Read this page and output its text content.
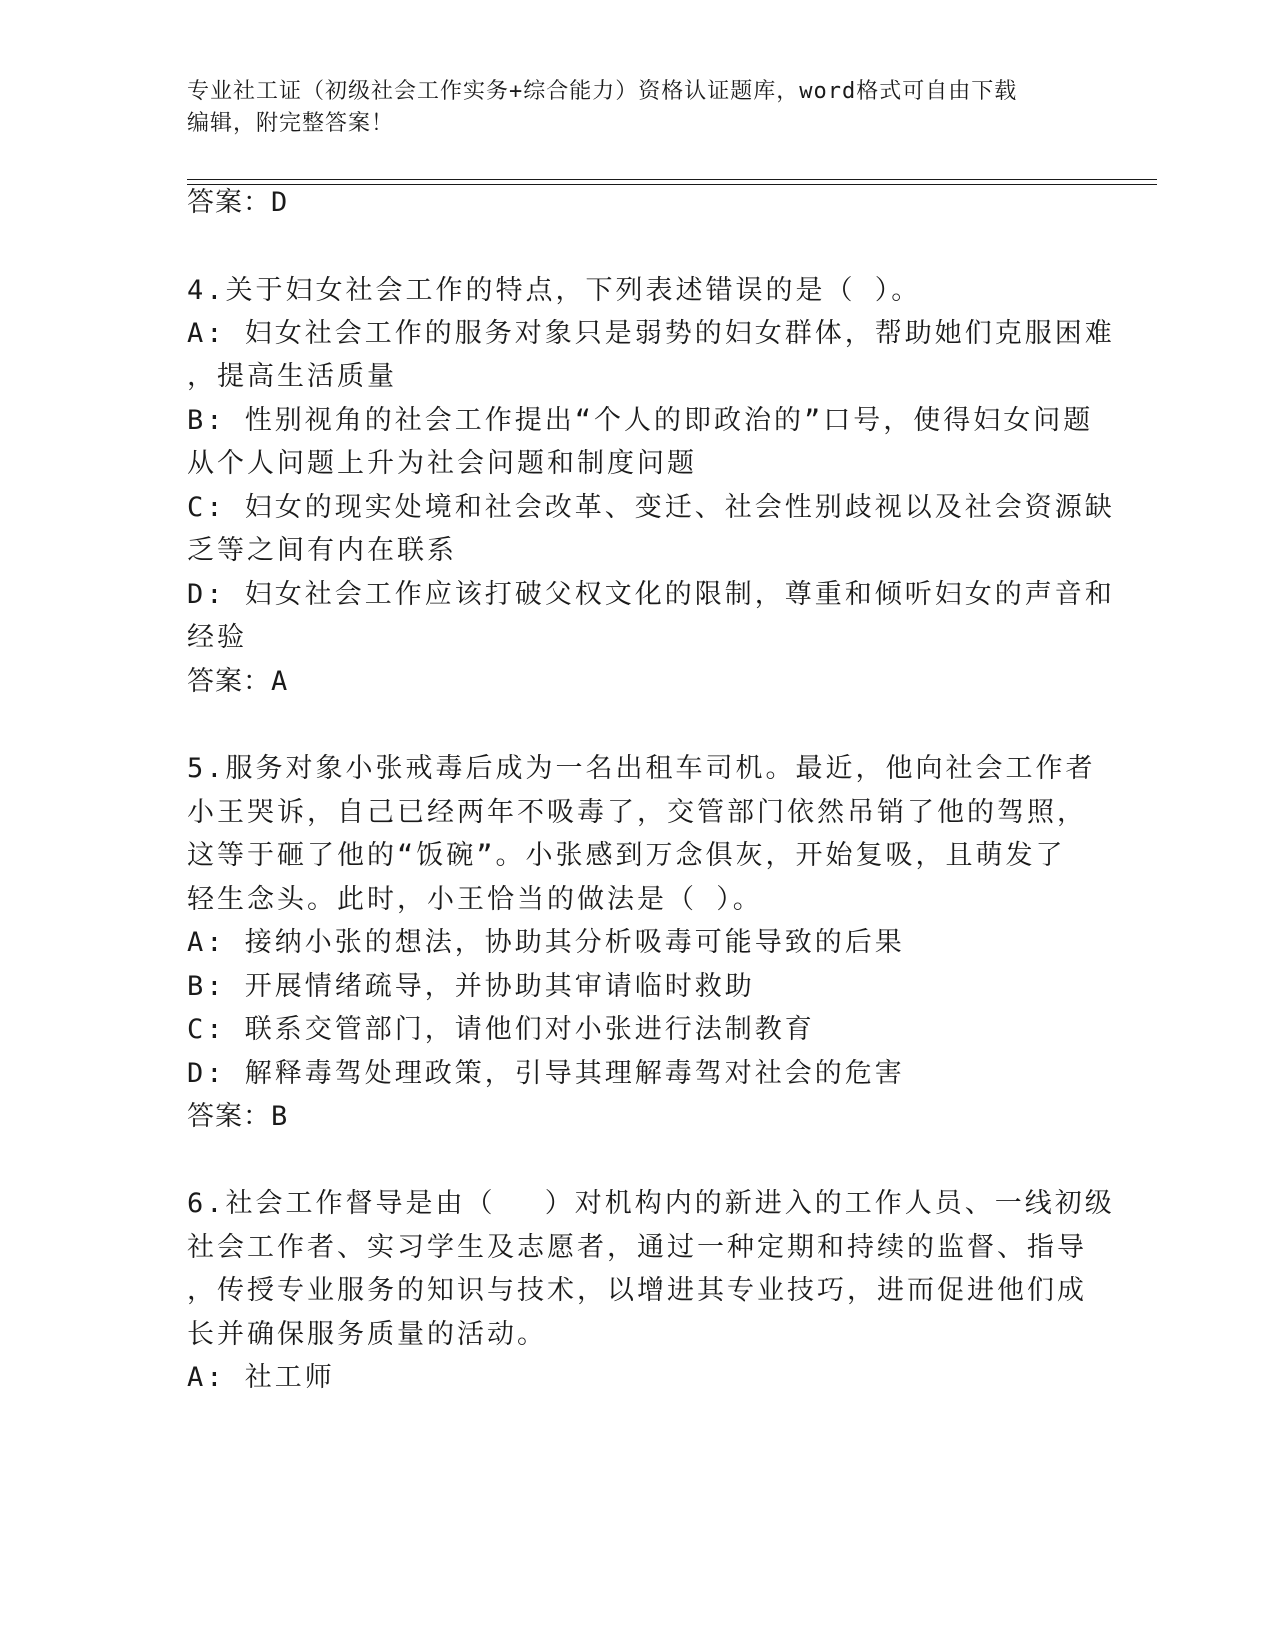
专业社工证（初级社会工作实务+综合能力）资格认证题库，word格式可自由下载

编辑，附完整答案！

答案：D
4.关于妇女社会工作的特点，下列表述错误的是（ ）。
A: 妇女社会工作的服务对象只是弱势的妇女群体，帮助她们克服困难
，提高生活质量
B: 性别视角的社会工作提出“个人的即政治的”口号，使得妇女问题
从个人问题上升为社会问题和制度问题
C: 妇女的现实处境和社会改革、变迁、社会性别歧视以及社会资源缺
乏等之间有内在联系
D: 妇女社会工作应该打破父权文化的限制，尊重和倾听妇女的声音和
经验
答案：A
5.服务对象小张戒毒后成为一名出租车司机。最近，他向社会工作者
小王哭诉，自己已经两年不吸毒了，交管部门依然吊销了他的驾照，
这等于砸了他的“饭碗”。小张感到万念俱灰，开始复吸，且萌发了
轻生念头。此时，小王恰当的做法是（ ）。
A: 接纳小张的想法，协助其分析吸毒可能导致的后果
B: 开展情绪疏导，并协助其审请临时救助
C: 联系交管部门，请他们对小张进行法制教育
D: 解释毒驾处理政策，引导其理解毒驾对社会的危害
答案：B
6.社会工作督导是由（　 ）对机构内的新进入的工作人员、一线初级
社会工作者、实习学生及志愿者，通过一种定期和持续的监督、指导
，传授专业服务的知识与技术，以增进其专业技巧，进而促进他们成
长并确保服务质量的活动。
A: 社工师
